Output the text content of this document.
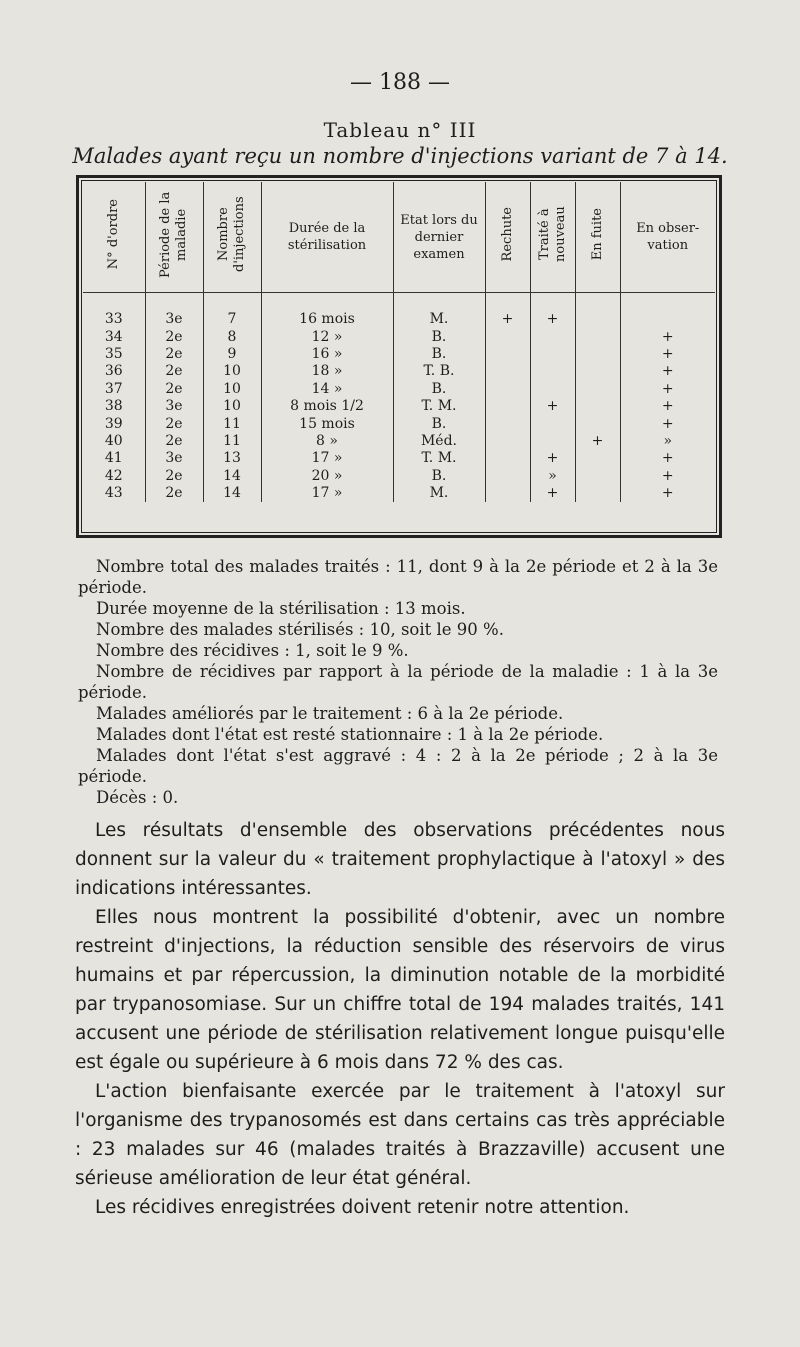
— 188 —
Tableau n° III
Malades ayant reçu un nombre d'injections variant de 7 à 14.
N° d'ordre	Période de la maladie	Nombre d'injections	Durée de la stérilisation	Etat lors du dernier examen	Rechute	Traité à nouveau	En fuite	En obser-vation

33	3e	7	16 mois	M.	+	+		
34	2e	8	12 »	B.				+
35	2e	9	16 »	B.				+
36	2e	10	18 »	T. B.				+
37	2e	10	14 »	B.				+
38	3e	10	8 mois 1/2	T. M.		+		+
39	2e	11	15 mois	B.				+
40	2e	11	8 »	Méd.			+	»
41	3e	13	17 »	T. M.		+		+
42	2e	14	20 »	B.		»		+
43	2e	14	17 »	M.		+		+

Nombre total des malades traités : 11, dont 9 à la 2e période et 2 à la 3e période.

Durée moyenne de la stérilisation : 13 mois.

Nombre des malades stérilisés : 10, soit le 90 %.

Nombre des récidives : 1, soit le 9 %.

Nombre de récidives par rapport à la période de la maladie : 1 à la 3e période.

Malades améliorés par le traitement : 6 à la 2e période.

Malades dont l'état est resté stationnaire : 1 à la 2e période.

Malades dont l'état s'est aggravé : 4 : 2 à la 2e période ; 2 à la 3e période.

Décès : 0.

Les résultats d'ensemble des observations précédentes nous donnent sur la valeur du « traitement prophylactique à l'atoxyl » des indications intéressantes.

Elles nous montrent la possibilité d'obtenir, avec un nombre restreint d'injections, la réduction sensible des réservoirs de virus humains et par répercussion, la diminution notable de la morbidité par trypanosomiase. Sur un chiffre total de 194 malades traités, 141 accusent une période de stérilisation relativement longue puisqu'elle est égale ou supérieure à 6 mois dans 72 % des cas.

L'action bienfaisante exercée par le traitement à l'atoxyl sur l'organisme des trypanosomés est dans certains cas très appréciable : 23 malades sur 46 (malades traités à Brazzaville) accusent une sérieuse amélioration de leur état général.

Les récidives enregistrées doivent retenir notre attention.
